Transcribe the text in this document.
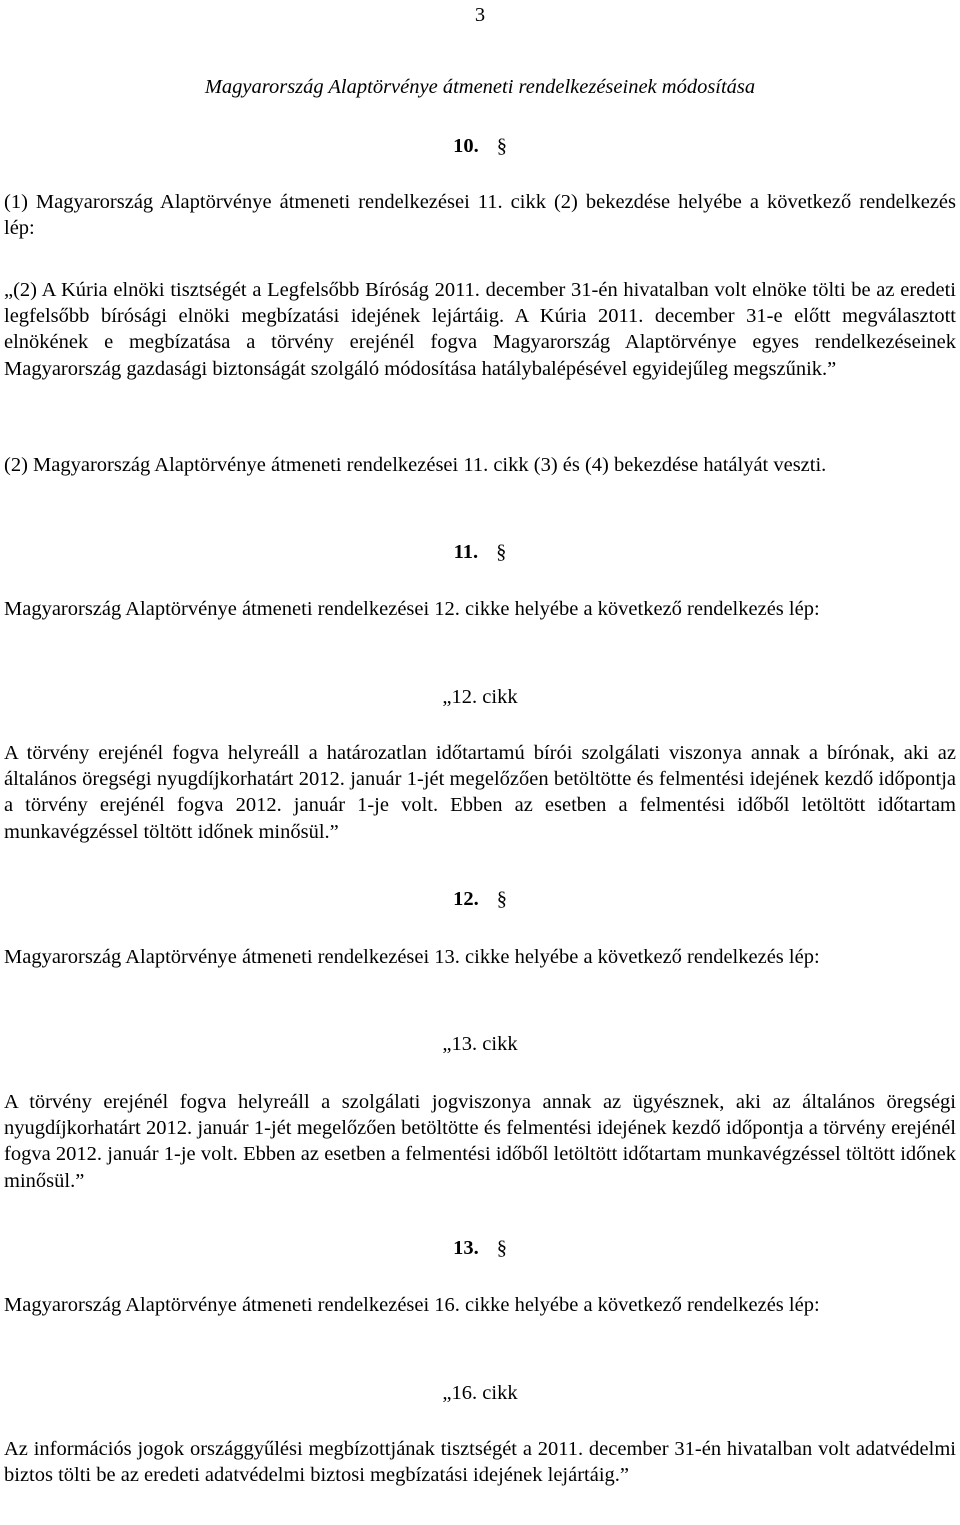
3
Magyarország Alaptörvénye átmeneti rendelkezéseinek módosítása
10. §

(1) Magyarország Alaptörvénye átmeneti rendelkezései 11. cikk (2) bekezdése helyébe a következő rendelkezés lép:

„(2) A Kúria elnöki tisztségét a Legfelsőbb Bíróság 2011. december 31-én hivatalban volt elnöke tölti be az eredeti legfelsőbb bírósági elnöki megbízatási idejének lejártáig. A Kúria 2011. december 31-e előtt megválasztott elnökének e megbízatása a törvény erejénél fogva Magyarország Alaptörvénye egyes rendelkezéseinek Magyarország gazdasági biztonságát szolgáló módosítása hatálybalépésével egyidejűleg megszűnik.”

(2) Magyarország Alaptörvénye átmeneti rendelkezései 11. cikk (3) és (4) bekezdése hatályát veszti.

11. §

Magyarország Alaptörvénye átmeneti rendelkezései 12. cikke helyébe a következő rendelkezés lép:

„12. cikk

A törvény erejénél fogva helyreáll a határozatlan időtartamú bírói szolgálati viszonya annak a bírónak, aki az általános öregségi nyugdíjkorhatárt 2012. január 1-jét megelőzően betöltötte és felmentési idejének kezdő időpontja a törvény erejénél fogva 2012. január 1-je volt. Ebben az esetben a felmentési időből letöltött időtartam munkavégzéssel töltött időnek minősül.”

12. §

Magyarország Alaptörvénye átmeneti rendelkezései 13. cikke helyébe a következő rendelkezés lép:

„13. cikk

A törvény erejénél fogva helyreáll a szolgálati jogviszonya annak az ügyésznek, aki az általános öregségi nyugdíjkorhatárt 2012. január 1-jét megelőzően betöltötte és felmentési idejének kezdő időpontja a törvény erejénél fogva 2012. január 1-je volt. Ebben az esetben a felmentési időből letöltött időtartam munkavégzéssel töltött időnek minősül.”

13. §

Magyarország Alaptörvénye átmeneti rendelkezései 16. cikke helyébe a következő rendelkezés lép:

„16. cikk

Az információs jogok országgyűlési megbízottjának tisztségét a 2011. december 31-én hivatalban volt adatvédelmi biztos tölti be az eredeti adatvédelmi biztosi megbízatási idejének lejártáig.”
